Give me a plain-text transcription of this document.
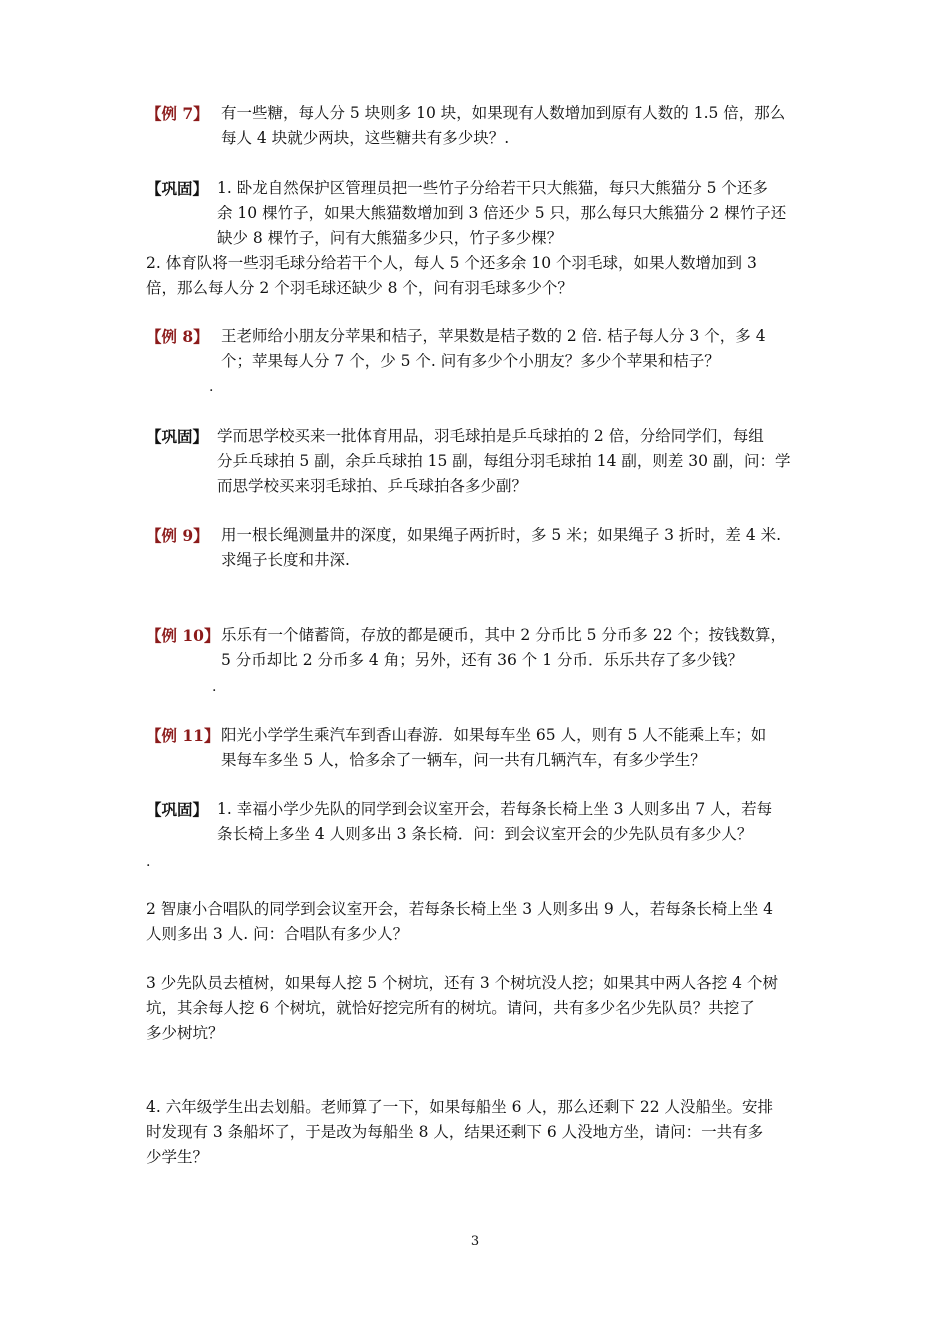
【例 7】 有一些糖，每人分 5 块则多 10 块，如果现有人数增加到原有人数的 1.5 倍，那么
每人 4 块就少两块，这些糖共有多少块？.
【巩固】 1. 卧龙自然保护区管理员把一些竹子分给若干只大熊猫，每只大熊猫分 5 个还多
余 10 棵竹子，如果大熊猫数增加到 3 倍还少 5 只，那么每只大熊猫分 2 棵竹子还
缺少 8 棵竹子，问有大熊猫多少只，竹子多少棵？
2. 体育队将一些羽毛球分给若干个人，每人 5 个还多余 10 个羽毛球，如果人数增加到 3
倍，那么每人分 2 个羽毛球还缺少 8 个，问有羽毛球多少个？
【例 8】 王老师给小朋友分苹果和桔子，苹果数是桔子数的 2 倍. 桔子每人分 3 个，多 4
个；苹果每人分 7 个，少 5 个. 问有多少个小朋友？多少个苹果和桔子？
.
【巩固】 学而思学校买来一批体育用品，羽毛球拍是乒乓球拍的 2 倍，分给同学们，每组
分乒乓球拍 5 副，余乒乓球拍 15 副，每组分羽毛球拍 14 副，则差 30 副，问：学
而思学校买来羽毛球拍、乒乓球拍各多少副？
【例 9】 用一根长绳测量井的深度，如果绳子两折时，多 5 米；如果绳子 3 折时，差 4 米.
求绳子长度和井深.
【例 10】 乐乐有一个储蓄筒，存放的都是硬币，其中 2 分币比 5 分币多 22 个；按钱数算，
5 分币却比 2 分币多 4 角；另外，还有 36 个 1 分币．乐乐共存了多少钱？
.
【例 11】 阳光小学学生乘汽车到香山春游．如果每车坐 65 人，则有 5 人不能乘上车；如
果每车多坐 5 人，恰多余了一辆车，问一共有几辆汽车，有多少学生？
【巩固】 1. 幸福小学少先队的同学到会议室开会，若每条长椅上坐 3 人则多出 7 人，若每
条长椅上多坐 4 人则多出 3 条长椅．问：到会议室开会的少先队员有多少人？
.
2 智康小合唱队的同学到会议室开会，若每条长椅上坐 3 人则多出 9 人，若每条长椅上坐 4
人则多出 3 人. 问：合唱队有多少人？
3 少先队员去植树，如果每人挖 5 个树坑，还有 3 个树坑没人挖；如果其中两人各挖 4 个树
坑，其余每人挖 6 个树坑，就恰好挖完所有的树坑。请问，共有多少名少先队员？共挖了
多少树坑？
4. 六年级学生出去划船。老师算了一下，如果每船坐 6 人，那么还剩下 22 人没船坐。安排
时发现有 3 条船坏了，于是改为每船坐 8 人，结果还剩下 6 人没地方坐，请问：一共有多
少学生？
3
